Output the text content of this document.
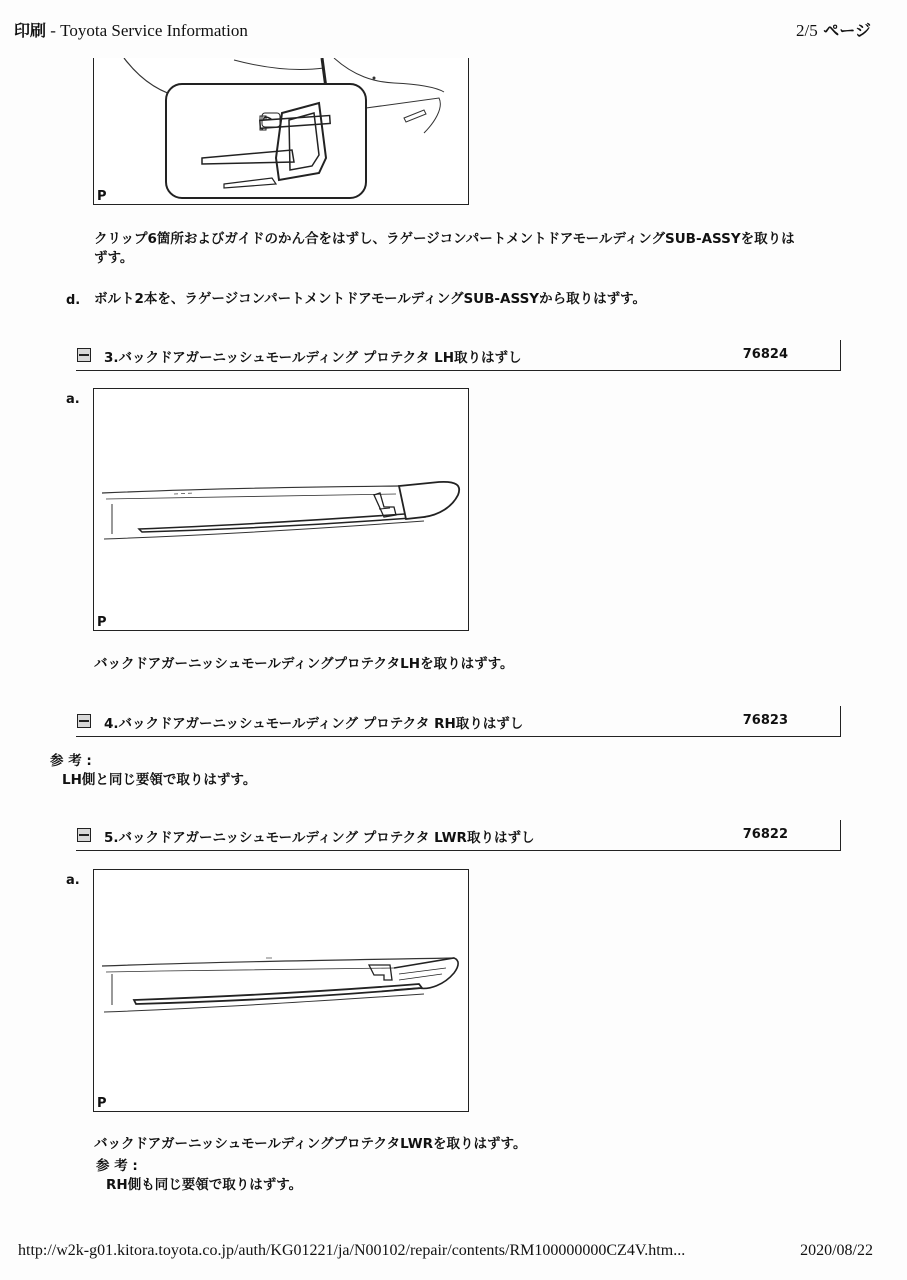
印刷 - Toyota Service Information	2/5 ページ
P
クリップ6箇所およびガイドのかん合をはずし、ラゲージコンパートメントドアモールディングSUB-ASSYを取りは
ずす。
d. ボルト2本を、ラゲージコンパートメントドアモールディングSUB-ASSYから取りはずす。
3.バックドアガーニッシュモールディング プロテクタ LH取りはずし	76824
a.
P
バックドアガーニッシュモールディングプロテクタLHを取りはずす。
4.バックドアガーニッシュモールディング プロテクタ RH取りはずし	76823
参 考 :
LH側と同じ要領で取りはずす。
5.バックドアガーニッシュモールディング プロテクタ LWR取りはずし	76822
a.
P
バックドアガーニッシュモールディングプロテクタLWRを取りはずす。
参 考 :
RH側も同じ要領で取りはずす。
http://w2k-g01.kitora.toyota.co.jp/auth/KG01221/ja/N00102/repair/contents/RM100000000CZ4V.htm...	2020/08/22
